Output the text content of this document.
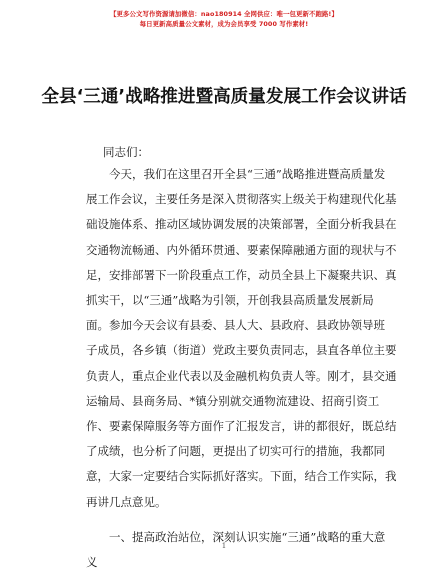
【更多公文写作资源请加微信：nao180914 全网供应：唯一包更新不跑路!】
每日更新高质量公文素材，成为会员享受 7000 写作素材!
全县‘三通’战略推进暨高质量发展工作会议讲话
同志们：
今天，我们在这里召开全县“三通”战略推进暨高质量发
展工作会议，主要任务是深入贯彻落实上级关于构建现代化基
础设施体系、推动区域协调发展的决策部署，全面分析我县在
交通物流畅通、内外循环贯通、要素保障融通方面的现状与不
足，安排部署下一阶段重点工作，动员全县上下凝聚共识、真
抓实干，以“三通”战略为引领，开创我县高质量发展新局
面。参加今天会议有县委、县人大、县政府、县政协领导班
子成员，各乡镇（街道）党政主要负责同志，县直各单位主要
负责人，重点企业代表以及金融机构负责人等。刚才，县交通
运输局、县商务局、*镇分别就交通物流建设、招商引资工
作、要素保障服务等方面作了汇报发言，讲的都很好，既总结
了成绩，也分析了问题，更提出了切实可行的措施，我都同
意，大家一定要结合实际抓好落实。下面，结合工作实际，我
再讲几点意见。
一、提高政治站位，深刻认识实施“三通”战略的重大意
义
1
